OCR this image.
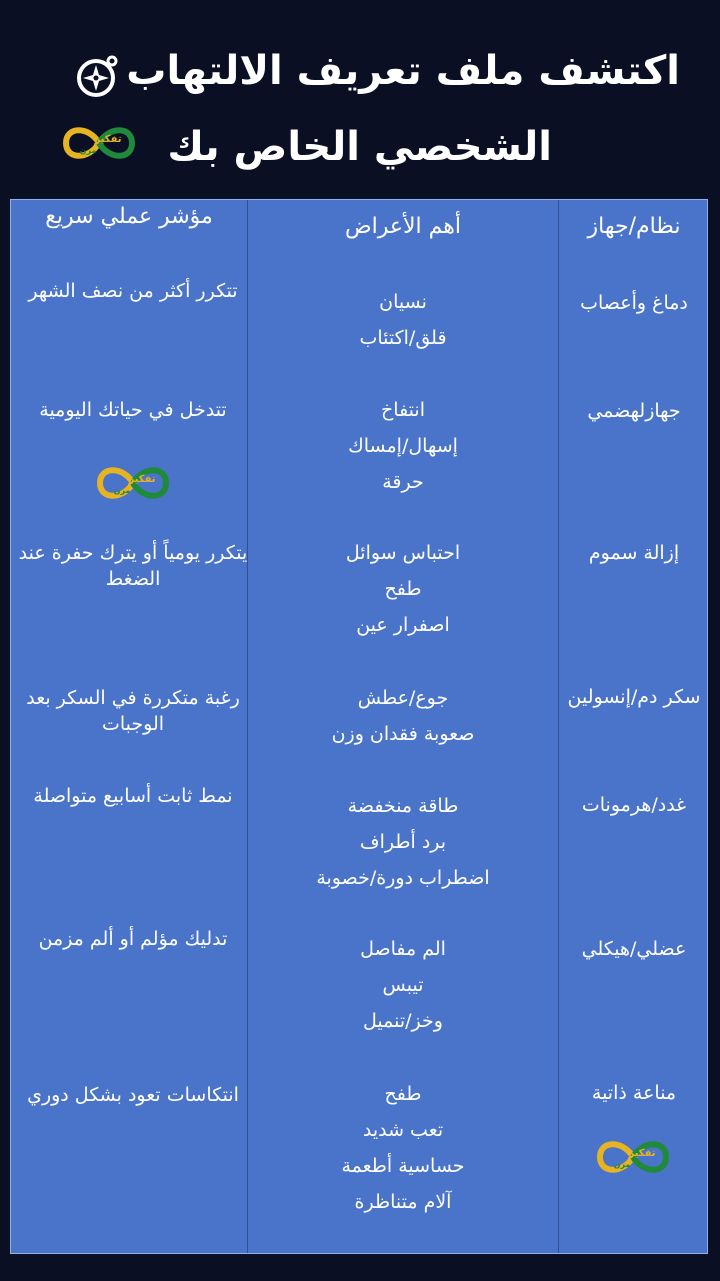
اكتشف ملف تعريف الالتهاب
الشخصي الخاص بك
تفكير
مرن
نظام/جهاز
أهم الأعراض
مؤشر عملي سريع
دماغ وأعصاب
نسيان
قلق/اكتئاب
تتكرر أكثر من نصف الشهر
جهازلهضمي
انتفاخ
إسهال/إمساك
حرقة
تتدخل في حياتك اليومية
إزالة سموم
احتباس سوائل
طفح
اصفرار عين
يتكرر يومياً أو يترك حفرة عند الضغط
سكر دم/إنسولين
جوع/عطش
صعوبة فقدان وزن
رغبة متكررة في السكر بعد الوجبات
غدد/هرمونات
طاقة منخفضة
برد أطراف
اضطراب دورة/خصوبة
نمط ثابت أسابيع متواصلة
عضلي/هيكلي
الم مفاصل
تيبس
وخز/تنميل
تدليك مؤلم أو ألم مزمن
مناعة ذاتية
طفح
تعب شديد
حساسية أطعمة
آلام متناظرة
انتكاسات تعود بشكل دوري
تفكير
مرن
تفكير
مرن
